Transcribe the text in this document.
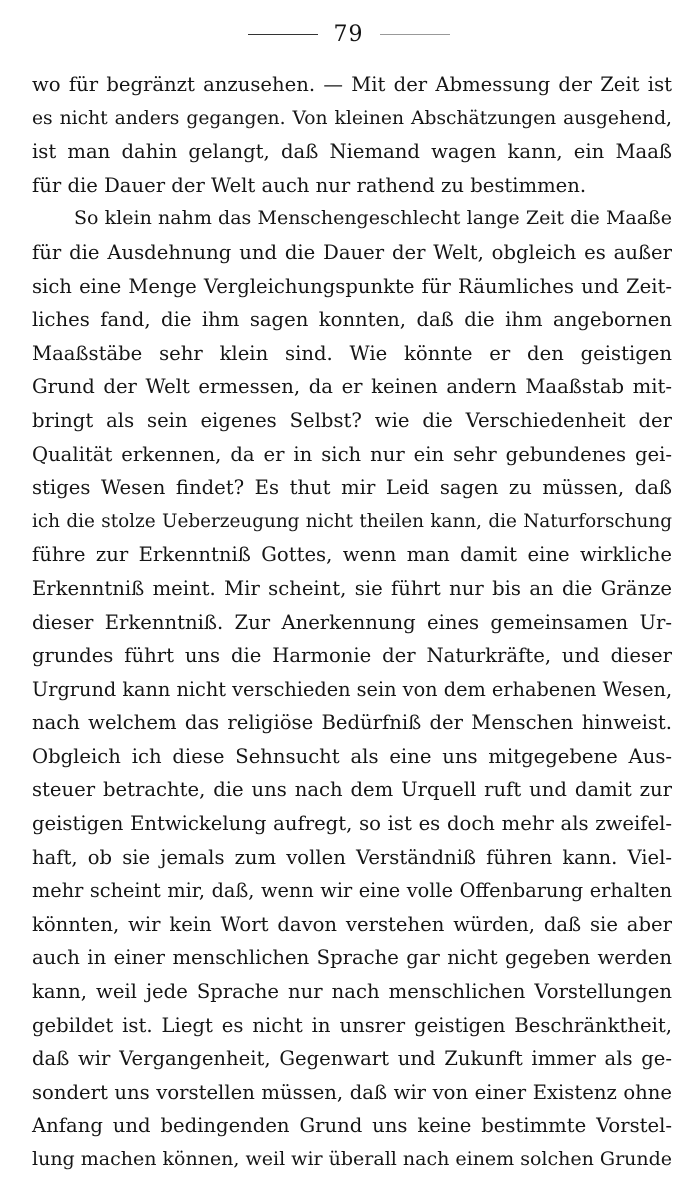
79
wo für begränzt anzusehen. — Mit der Abmessung der Zeit ist
es nicht anders gegangen. Von kleinen Abschätzungen ausgehend,
ist man dahin gelangt, daß Niemand wagen kann, ein Maaß
für die Dauer der Welt auch nur rathend zu bestimmen.
So klein nahm das Menschengeschlecht lange Zeit die Maaße
für die Ausdehnung und die Dauer der Welt, obgleich es außer
sich eine Menge Vergleichungspunkte für Räumliches und Zeit-
liches fand, die ihm sagen konnten, daß die ihm angebornen
Maaßstäbe sehr klein sind. Wie könnte er den geistigen
Grund der Welt ermessen, da er keinen andern Maaßstab mit-
bringt als sein eigenes Selbst? wie die Verschiedenheit der
Qualität erkennen, da er in sich nur ein sehr gebundenes gei-
stiges Wesen findet? Es thut mir Leid sagen zu müssen, daß
ich die stolze Ueberzeugung nicht theilen kann, die Naturforschung
führe zur Erkenntniß Gottes, wenn man damit eine wirkliche
Erkenntniß meint. Mir scheint, sie führt nur bis an die Gränze
dieser Erkenntniß. Zur Anerkennung eines gemeinsamen Ur-
grundes führt uns die Harmonie der Naturkräfte, und dieser
Urgrund kann nicht verschieden sein von dem erhabenen Wesen,
nach welchem das religiöse Bedürfniß der Menschen hinweist.
Obgleich ich diese Sehnsucht als eine uns mitgegebene Aus-
steuer betrachte, die uns nach dem Urquell ruft und damit zur
geistigen Entwickelung aufregt, so ist es doch mehr als zweifel-
haft, ob sie jemals zum vollen Verständniß führen kann. Viel-
mehr scheint mir, daß, wenn wir eine volle Offenbarung erhalten
könnten, wir kein Wort davon verstehen würden, daß sie aber
auch in einer menschlichen Sprache gar nicht gegeben werden
kann, weil jede Sprache nur nach menschlichen Vorstellungen
gebildet ist. Liegt es nicht in unsrer geistigen Beschränktheit,
daß wir Vergangenheit, Gegenwart und Zukunft immer als ge-
sondert uns vorstellen müssen, daß wir von einer Existenz ohne
Anfang und bedingenden Grund uns keine bestimmte Vorstel-
lung machen können, weil wir überall nach einem solchen Grunde
